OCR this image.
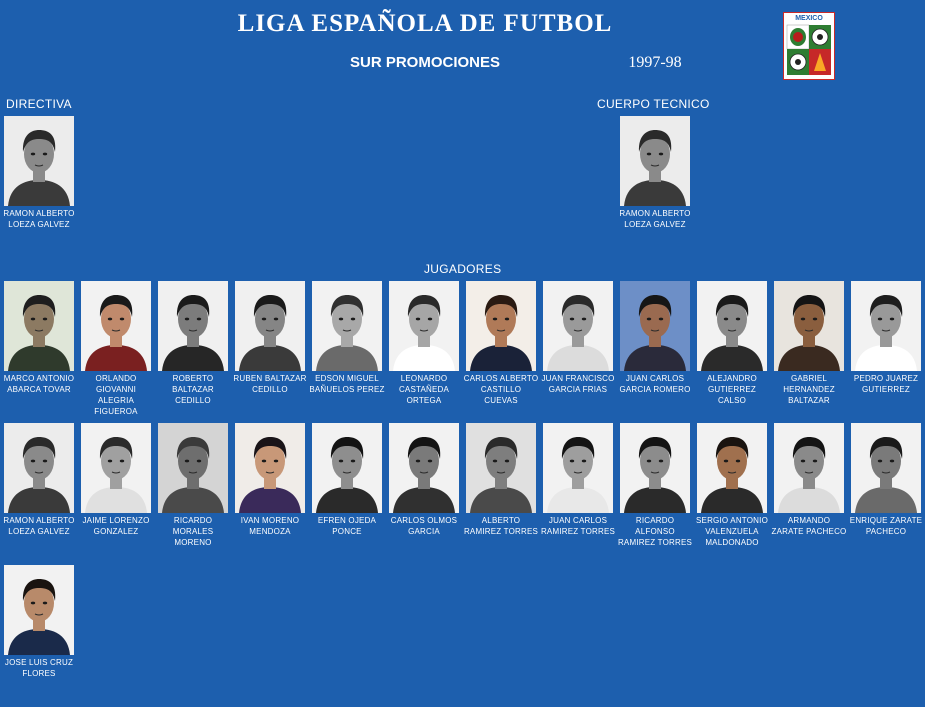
LIGA ESPAÑOLA DE FUTBOL
SUR PROMOCIONES	1997-98
MEXICO
DIRECTIVA	CUERPO TECNICO
JUGADORES
RAMON ALBERTO LOEZA GALVEZ
RAMON ALBERTO LOEZA GALVEZ
MARCO ANTONIO ABARCA TOVAR
ORLANDO GIOVANNI ALEGRIA FIGUEROA
ROBERTO BALTAZAR CEDILLO
RUBEN BALTAZAR CEDILLO
EDSON MIGUEL BAÑUELOS PEREZ
LEONARDO CASTAÑEDA ORTEGA
CARLOS ALBERTO CASTILLO CUEVAS
JUAN FRANCISCO GARCIA FRIAS
JUAN CARLOS GARCIA ROMERO
ALEJANDRO GUTIERREZ CALSO
GABRIEL HERNANDEZ BALTAZAR
PEDRO JUAREZ GUTIERREZ
RAMON ALBERTO LOEZA GALVEZ
JAIME LORENZO GONZALEZ
RICARDO MORALES MORENO
IVAN MORENO MENDOZA
EFREN OJEDA PONCE
CARLOS OLMOS GARCIA
ALBERTO RAMIREZ TORRES
JUAN CARLOS RAMIREZ TORRES
RICARDO ALFONSO RAMIREZ TORRES
SERGIO ANTONIO VALENZUELA MALDONADO
ARMANDO ZARATE PACHECO
ENRIQUE ZARATE PACHECO
JOSE LUIS CRUZ FLORES
